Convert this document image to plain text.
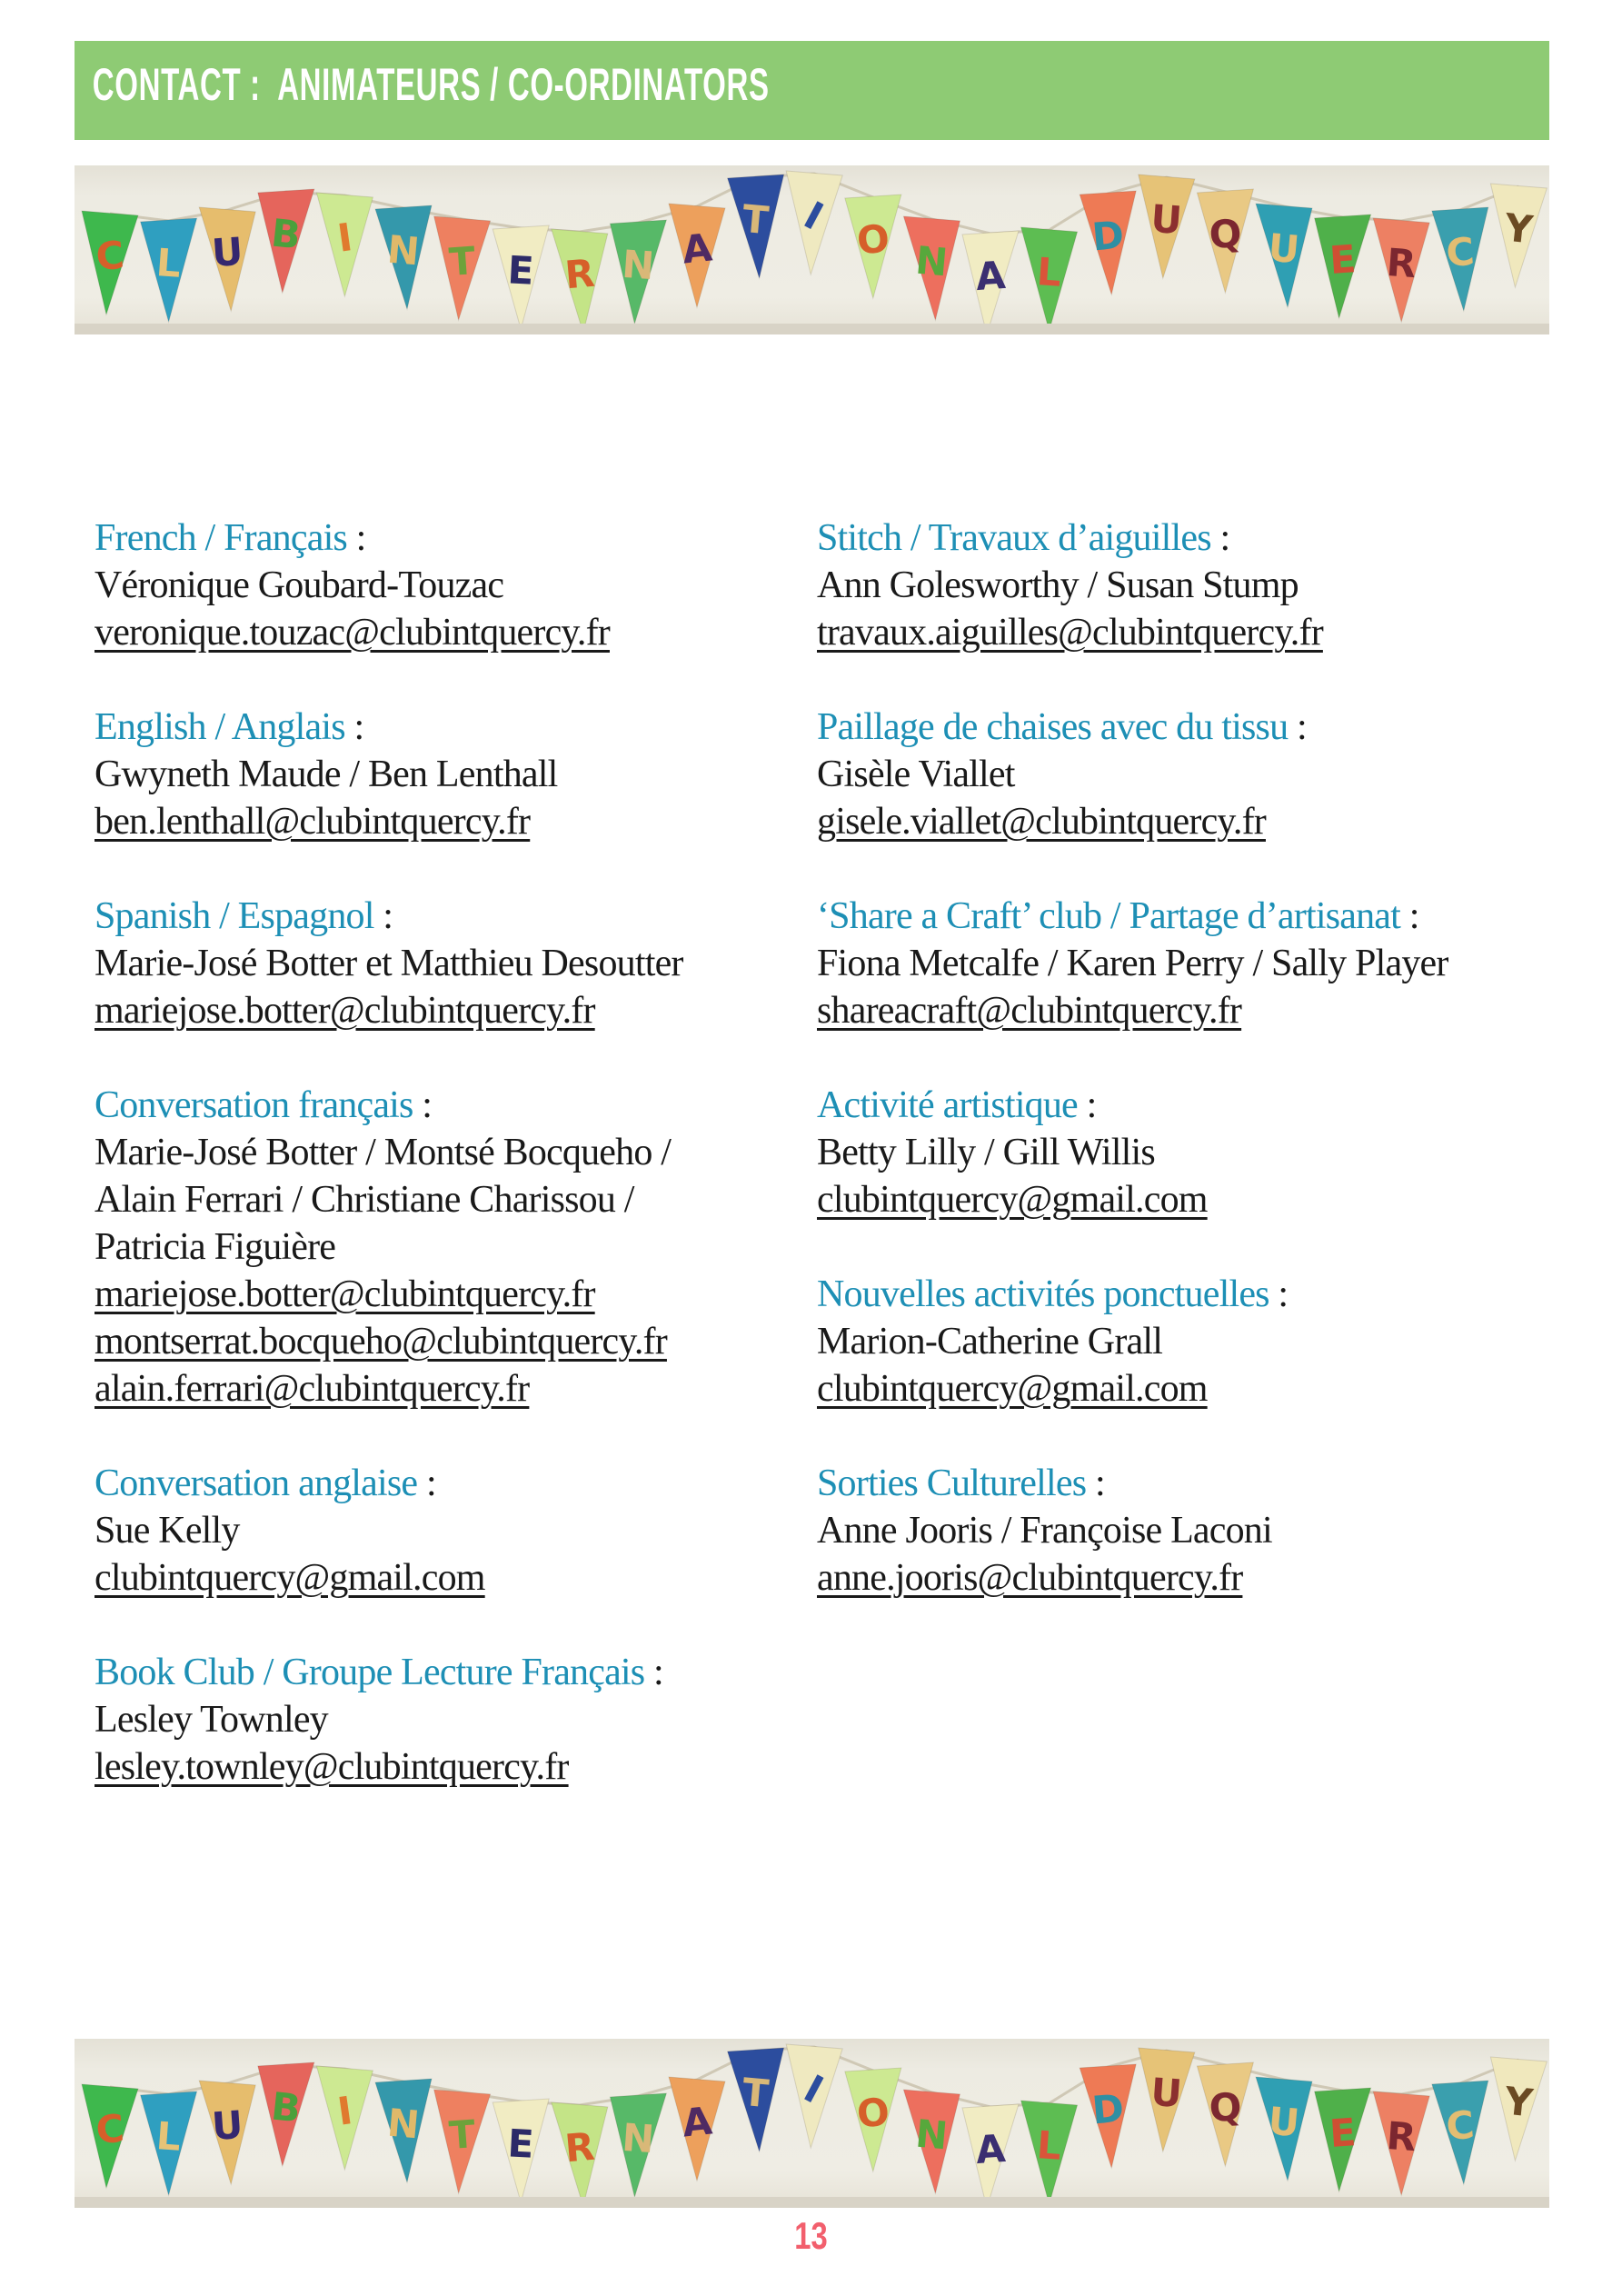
CONTACT :  ANIMATEURS / CO-ORDINATORS
C L U B I N T E R N A
T I
O N A L
D U Q U E R C
Y
French / Français :
Véronique Goubard-Touzac
veronique.touzac@clubintquercy.fr
English / Anglais :
Gwyneth Maude / Ben Lenthall
ben.lenthall@clubintquercy.fr
Spanish / Espagnol :
Marie-José Botter et Matthieu Desoutter
mariejose.botter@clubintquercy.fr
Conversation français :
Marie-José Botter / Montsé Bocqueho /
Alain Ferrari / Christiane Charissou /
Patricia Figuière
mariejose.botter@clubintquercy.fr
montserrat.bocqueho@clubintquercy.fr
alain.ferrari@clubintquercy.fr
Conversation anglaise :
Sue Kelly
clubintquercy@gmail.com
Book Club / Groupe Lecture Français :
Lesley Townley
lesley.townley@clubintquercy.fr
Stitch / Travaux d’aiguilles :
Ann Golesworthy / Susan Stump
travaux.aiguilles@clubintquercy.fr
Paillage de chaises avec du tissu :
Gisèle Viallet
gisele.viallet@clubintquercy.fr
‘Share a Craft’ club / Partage d’artisanat :
Fiona Metcalfe / Karen Perry / Sally Player
shareacraft@clubintquercy.fr
Activité artistique :
Betty Lilly / Gill Willis
clubintquercy@gmail.com
Nouvelles activités ponctuelles :
Marion-Catherine Grall
clubintquercy@gmail.com
Sorties Culturelles :
Anne Jooris / Françoise Laconi
anne.jooris@clubintquercy.fr
C L U B I N T E R N A
T I
O N A L
D U Q U E R C
Y
13
